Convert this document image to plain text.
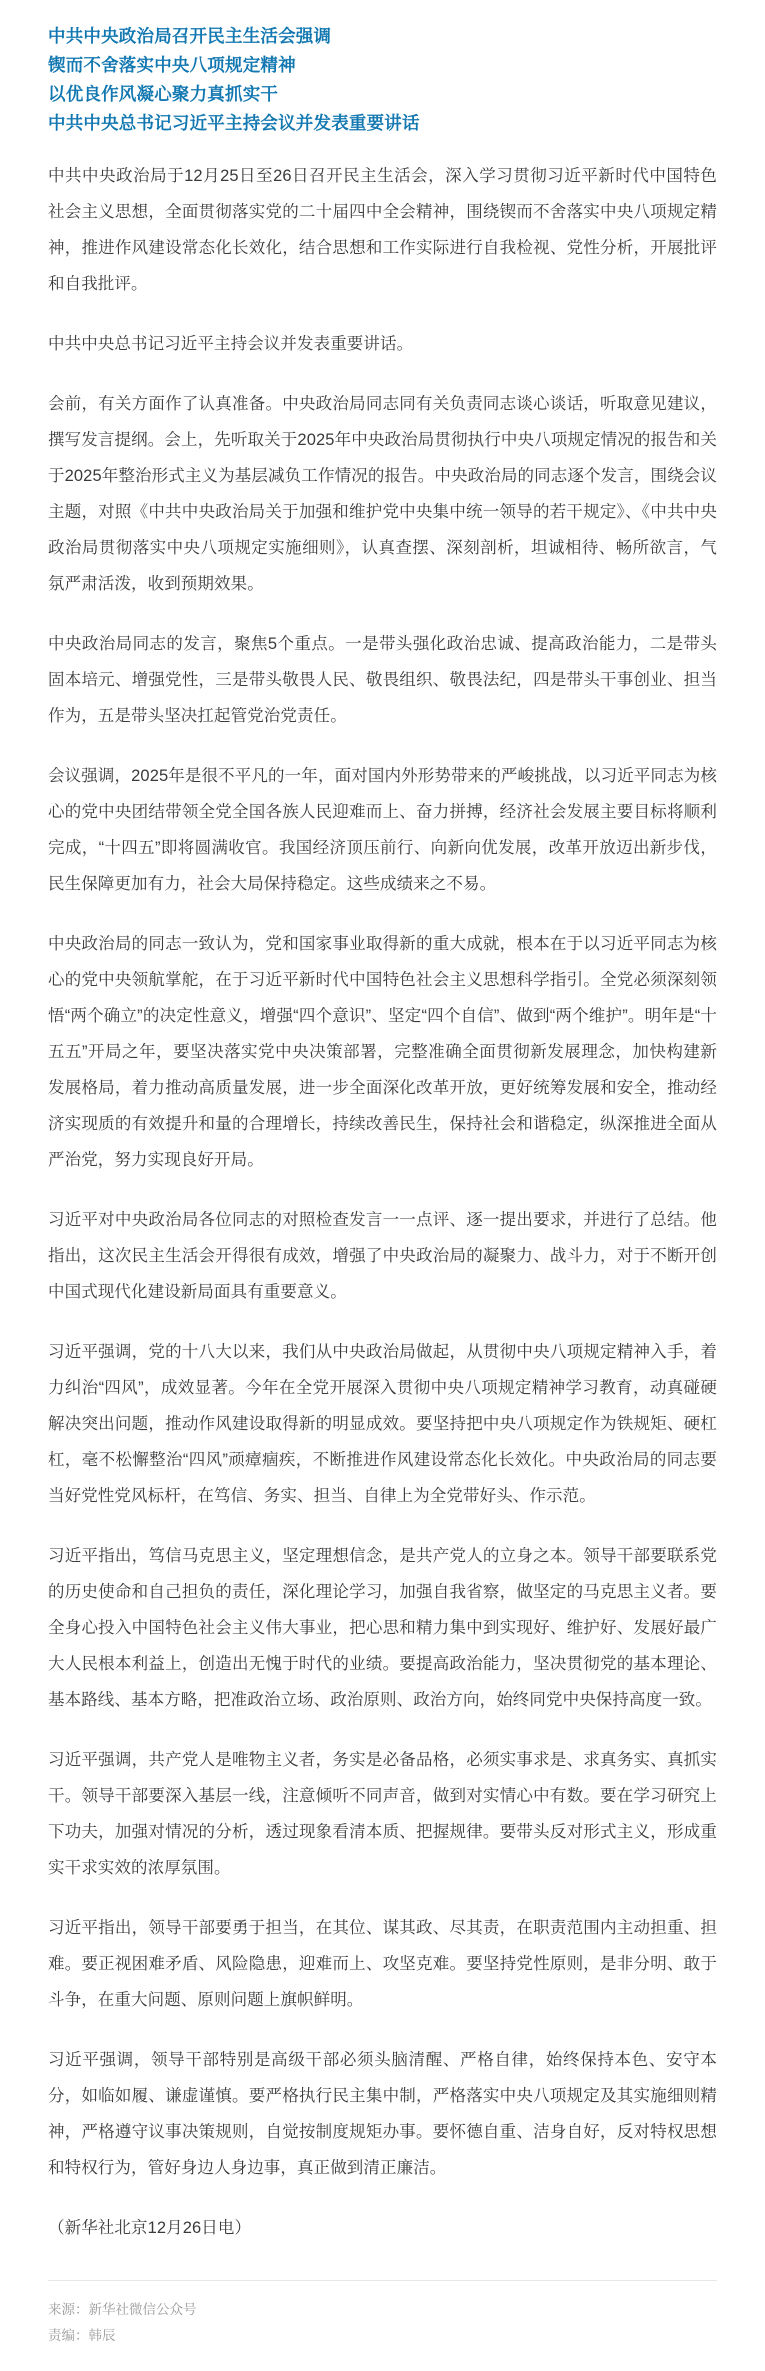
中共中央政治局召开民主生活会强调
锲而不舍落实中央八项规定精神
以优良作风凝心聚力真抓实干
中共中央总书记习近平主持会议并发表重要讲话

中共中央政治局于12月25日至26日召开民主生活会，深入学习贯彻习近平新时代中国特色社会主义思想，全面贯彻落实党的二十届四中全会精神，围绕锲而不舍落实中央八项规定精神，推进作风建设常态化长效化，结合思想和工作实际进行自我检视、党性分析，开展批评和自我批评。

中共中央总书记习近平主持会议并发表重要讲话。

会前，有关方面作了认真准备。中央政治局同志同有关负责同志谈心谈话，听取意见建议，撰写发言提纲。会上，先听取关于2025年中央政治局贯彻执行中央八项规定情况的报告和关于2025年整治形式主义为基层减负工作情况的报告。中央政治局的同志逐个发言，围绕会议主题，对照《中共中央政治局关于加强和维护党中央集中统一领导的若干规定》、《中共中央政治局贯彻落实中央八项规定实施细则》，认真查摆、深刻剖析，坦诚相待、畅所欲言，气氛严肃活泼，收到预期效果。

中央政治局同志的发言，聚焦5个重点。一是带头强化政治忠诚、提高政治能力，二是带头固本培元、增强党性，三是带头敬畏人民、敬畏组织、敬畏法纪，四是带头干事创业、担当作为，五是带头坚决扛起管党治党责任。

会议强调，2025年是很不平凡的一年，面对国内外形势带来的严峻挑战，以习近平同志为核心的党中央团结带领全党全国各族人民迎难而上、奋力拼搏，经济社会发展主要目标将顺利完成，“十四五”即将圆满收官。我国经济顶压前行、向新向优发展，改革开放迈出新步伐，民生保障更加有力，社会大局保持稳定。这些成绩来之不易。

中央政治局的同志一致认为，党和国家事业取得新的重大成就，根本在于以习近平同志为核心的党中央领航掌舵，在于习近平新时代中国特色社会主义思想科学指引。全党必须深刻领悟“两个确立”的决定性意义，增强“四个意识”、坚定“四个自信”、做到“两个维护”。明年是“十五五”开局之年，要坚决落实党中央决策部署，完整准确全面贯彻新发展理念，加快构建新发展格局，着力推动高质量发展，进一步全面深化改革开放，更好统筹发展和安全，推动经济实现质的有效提升和量的合理增长，持续改善民生，保持社会和谐稳定，纵深推进全面从严治党，努力实现良好开局。

习近平对中央政治局各位同志的对照检查发言一一点评、逐一提出要求，并进行了总结。他指出，这次民主生活会开得很有成效，增强了中央政治局的凝聚力、战斗力，对于不断开创中国式现代化建设新局面具有重要意义。

习近平强调，党的十八大以来，我们从中央政治局做起，从贯彻中央八项规定精神入手，着力纠治“四风”，成效显著。今年在全党开展深入贯彻中央八项规定精神学习教育，动真碰硬解决突出问题，推动作风建设取得新的明显成效。要坚持把中央八项规定作为铁规矩、硬杠杠，毫不松懈整治“四风”顽瘴痼疾，不断推进作风建设常态化长效化。中央政治局的同志要当好党性党风标杆，在笃信、务实、担当、自律上为全党带好头、作示范。

习近平指出，笃信马克思主义，坚定理想信念，是共产党人的立身之本。领导干部要联系党的历史使命和自己担负的责任，深化理论学习，加强自我省察，做坚定的马克思主义者。要全身心投入中国特色社会主义伟大事业，把心思和精力集中到实现好、维护好、发展好最广大人民根本利益上，创造出无愧于时代的业绩。要提高政治能力，坚决贯彻党的基本理论、基本路线、基本方略，把准政治立场、政治原则、政治方向，始终同党中央保持高度一致。

习近平强调，共产党人是唯物主义者，务实是必备品格，必须实事求是、求真务实、真抓实干。领导干部要深入基层一线，注意倾听不同声音，做到对实情心中有数。要在学习研究上下功夫，加强对情况的分析，透过现象看清本质、把握规律。要带头反对形式主义，形成重实干求实效的浓厚氛围。

习近平指出，领导干部要勇于担当，在其位、谋其政、尽其责，在职责范围内主动担重、担难。要正视困难矛盾、风险隐患，迎难而上、攻坚克难。要坚持党性原则，是非分明、敢于斗争，在重大问题、原则问题上旗帜鲜明。

习近平强调，领导干部特别是高级干部必须头脑清醒、严格自律，始终保持本色、安守本分，如临如履、谦虚谨慎。要严格执行民主集中制，严格落实中央八项规定及其实施细则精神，严格遵守议事决策规则，自觉按制度规矩办事。要怀德自重、洁身自好，反对特权思想和特权行为，管好身边人身边事，真正做到清正廉洁。

（新华社北京12月26日电）

来源：新华社微信公众号
责编：韩辰
